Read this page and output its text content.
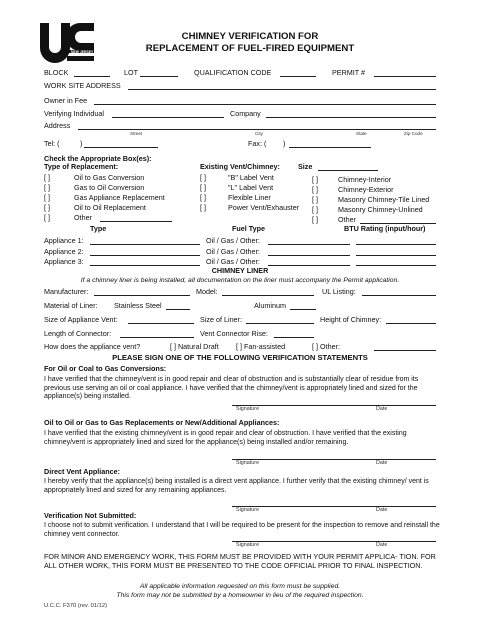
NEW JERSEY
CHIMNEY VERIFICATION FOR
REPLACEMENT OF FUEL-FIRED EQUIPMENT
BLOCK	LOT	QUALIFICATION CODE	PERMIT #
WORK SITE ADDRESS
Owner in Fee
Verifying Individual	Company
Address
Street	City	State	Zip Code
Tel: (	)	Fax: ( )
Check the Appropriate Box(es):
Type of Replacement:	Existing Vent/Chimney:	Size
[ ]	Oil to Gas Conversion
[ ]	Gas to Oil Conversion
[ ]	Gas Appliance Replacement
[ ]	Oil to Oil Replacement
[ ]	Other
[ ]	"B" Label Vent
[ ]	"L" Label Vent
[ ]	Flexible Liner
[ ]	Power Vent/Exhauster
[ ]	Chimney-Interior
[ ]	Chimney-Exterior
[ ]	Masonry Chimney-Tile Lined
[ ]	Masonry Chimney-Unlined
[ ]	Other
Type	Fuel Type	BTU Rating (input/hour)
Appliance 1:	Oil / Gas / Other:
Appliance 2:	Oil / Gas / Other:
Appliance 3:	Oil / Gas / Other:
CHIMNEY LINER
If a chimney liner is being installed, all documentation on the liner must accompany the Permit application.
Manufacturer:	Model:	UL Listing:
Material of Liner: Stainless Steel	Aluminum
Size of Appliance Vent:	Size of Liner:	Height of Chimney:
Length of Connector:	Vent Connector Rise:
How does the appliance vent?	[ ] Natural Draft [ ] Fan-assisted	[ ] Other:
PLEASE SIGN ONE OF THE FOLLOWING VERIFICATION STATEMENTS
For Oil or Coal to Gas Conversions:
I have verified that the chimney/vent is in good repair and clear of obstruction and is substantially clear of residue from its previous use serving an oil or coal appliance. I have verified that the chimney/vent is appropriately lined and sized for the appliance(s) being installed.
Signature	Date
Oil to Oil or Gas to Gas Replacements or New/Additional Appliances:
I have verified that the existing chimney/vent is in good repair and clear of obstruction. I have verified that the existing chimney/vent is appropriately lined and sized for the appliance(s) being installed and/or remaining.
Signature	Date
Direct Vent Appliance:
I hereby verify that the appliance(s) being installed is a direct vent appliance. I further verify that the existing chimney/ vent is appropriately lined and sized for any remaining appliances.
Signature	Date
Verification Not Submitted:
I choose not to submit verification. I understand that I will be required to be present for the inspection to remove and reinstall the chimney vent connector.
Signature	Date
FOR MINOR AND EMERGENCY WORK, THIS FORM MUST BE PROVIDED WITH YOUR PERMIT APPLICA- TION. FOR ALL OTHER WORK, THIS FORM MUST BE PRESENTED TO THE CODE OFFICIAL PRIOR TO FINAL INSPECTION.
All applicable information requested on this form must be supplied.
This form may not be submitted by a homeowner in lieu of the required inspection.
U.C.C. F370 (rev. 01/12)
